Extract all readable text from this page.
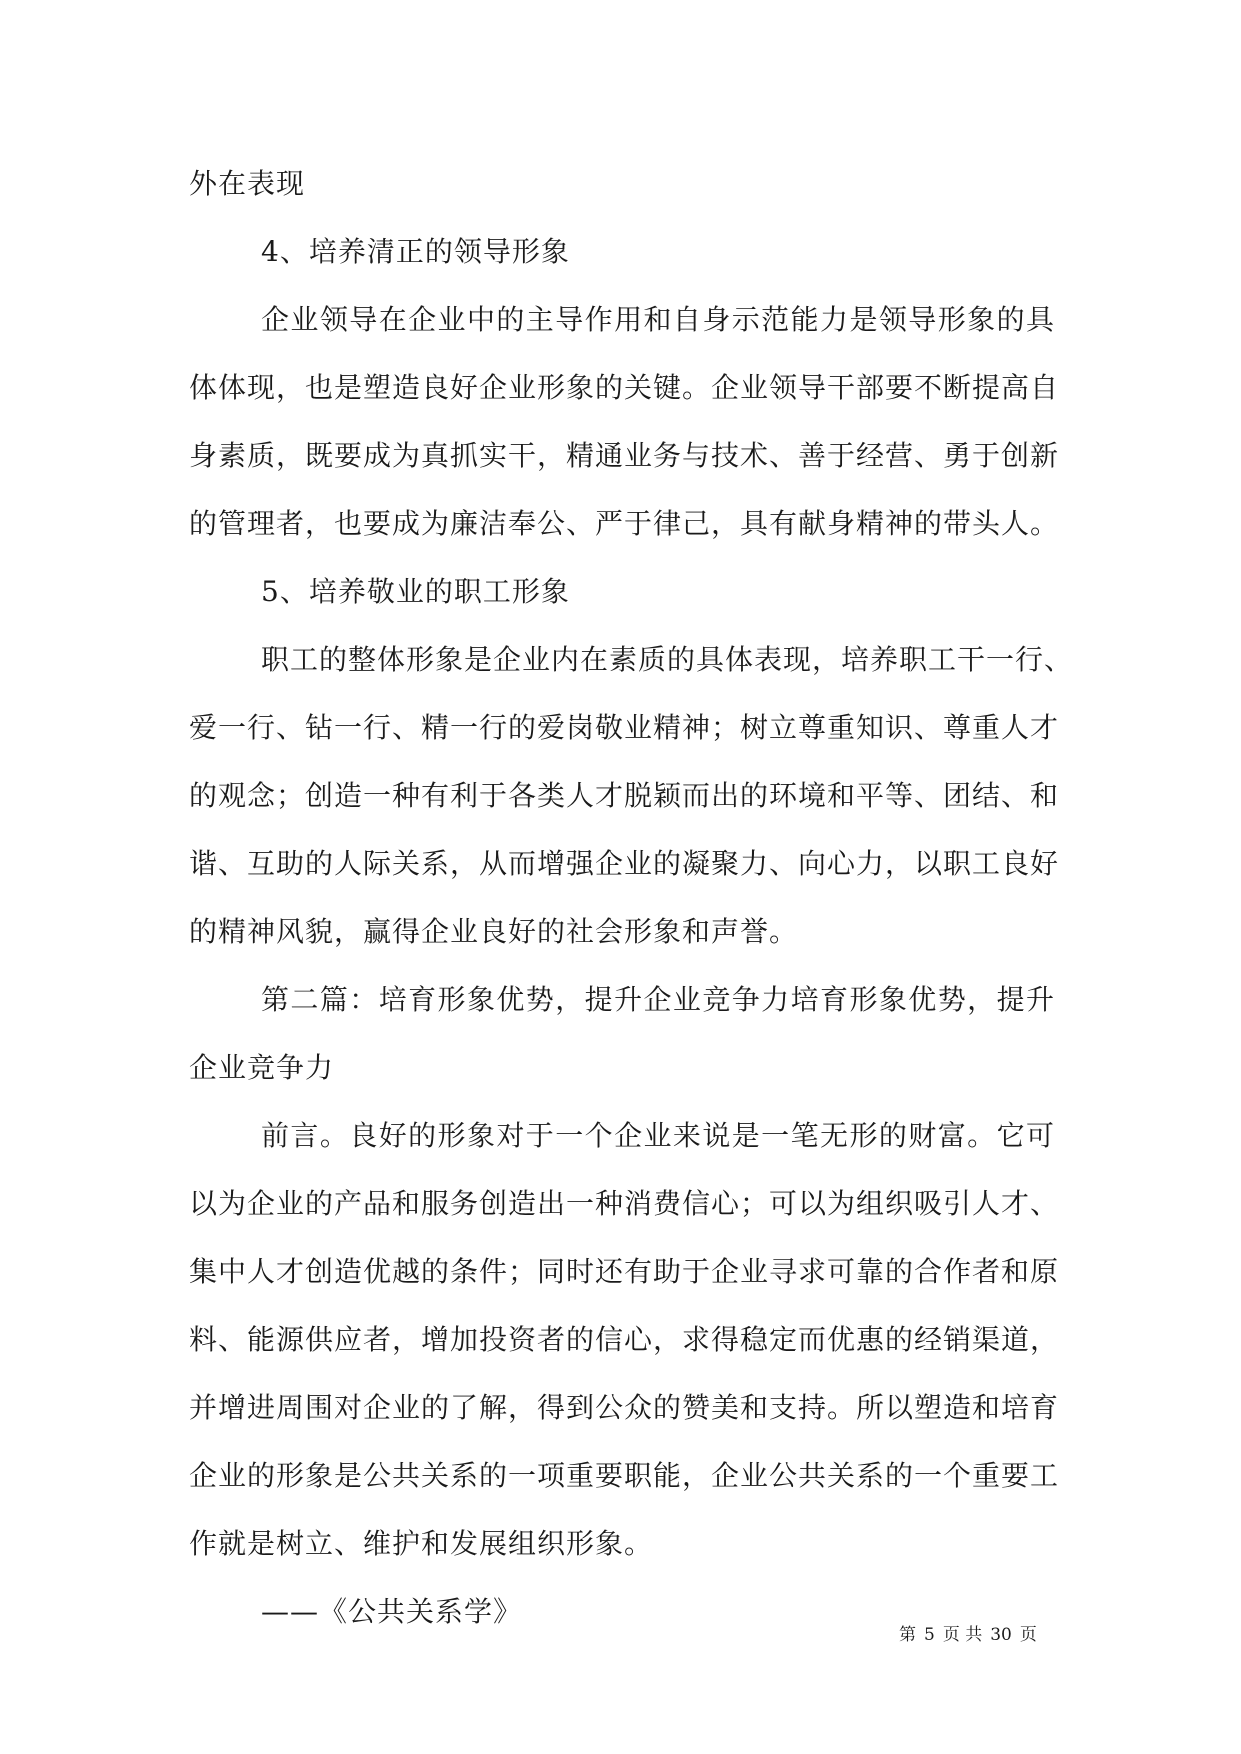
外在表现
4、培养清正的领导形象
企业领导在企业中的主导作用和自身示范能力是领导形象的具
体体现，也是塑造良好企业形象的关键。企业领导干部要不断提高自
身素质，既要成为真抓实干，精通业务与技术、善于经营、勇于创新
的管理者，也要成为廉洁奉公、严于律己，具有献身精神的带头人。
5、培养敬业的职工形象
职工的整体形象是企业内在素质的具体表现，培养职工干一行、
爱一行、钻一行、精一行的爱岗敬业精神；树立尊重知识、尊重人才
的观念；创造一种有利于各类人才脱颖而出的环境和平等、团结、和
谐、互助的人际关系，从而增强企业的凝聚力、向心力，以职工良好
的精神风貌，赢得企业良好的社会形象和声誉。
第二篇：培育形象优势，提升企业竞争力培育形象优势，提升
企业竞争力
前言。良好的形象对于一个企业来说是一笔无形的财富。它可
以为企业的产品和服务创造出一种消费信心；可以为组织吸引人才、
集中人才创造优越的条件；同时还有助于企业寻求可靠的合作者和原
料、能源供应者，增加投资者的信心，求得稳定而优惠的经销渠道，
并增进周围对企业的了解，得到公众的赞美和支持。所以塑造和培育
企业的形象是公共关系的一项重要职能，企业公共关系的一个重要工
作就是树立、维护和发展组织形象。
——《公共关系学》
第 5 页 共 30 页
